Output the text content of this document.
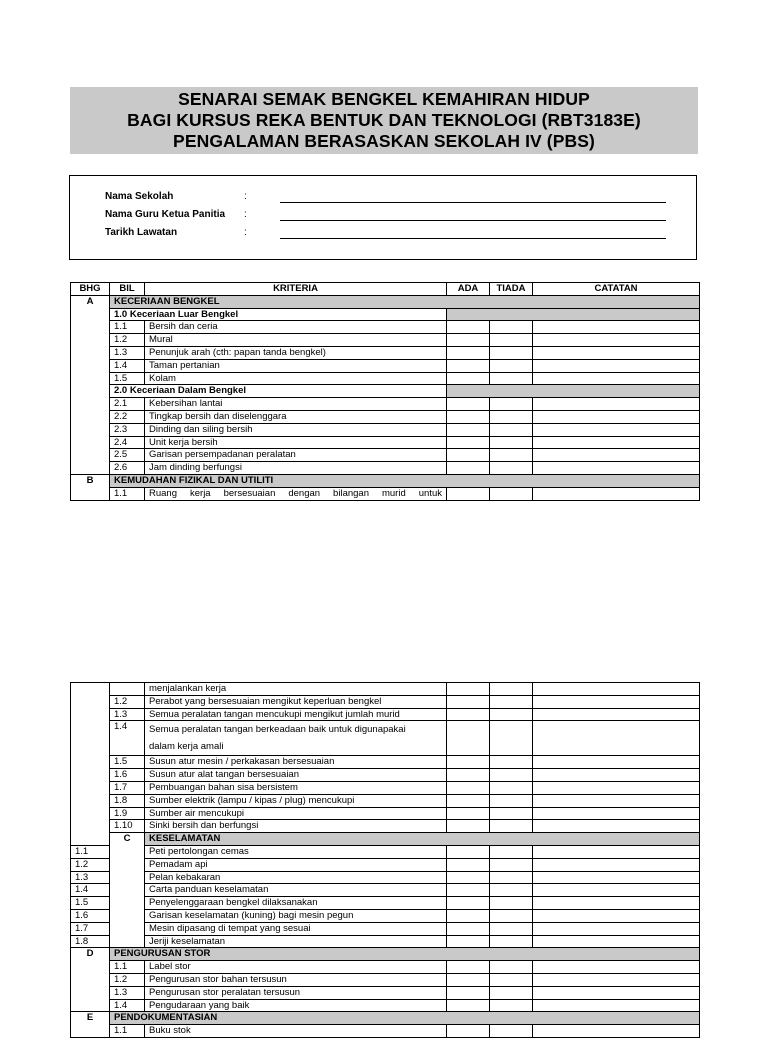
SENARAI SEMAK BENGKEL KEMAHIRAN HIDUP
BAGI KURSUS REKA BENTUK DAN TEKNOLOGI (RBT3183E)
PENGALAMAN BERASASKAN SEKOLAH IV (PBS)
Nama Sekolah	:
Nama Guru Ketua Panitia :
Tarikh Lawatan	:
BHG	BIL	KRITERIA	ADA	TIADA	CATATAN
A	KECERIAAN BENGKEL				
	1.0 Keceriaan Luar Bengkel				
	1.1	Bersih dan ceria			
	1.2	Mural			
	1.3	Penunjuk arah (cth: papan tanda bengkel)			
	1.4	Taman pertanian			
	1.5	Kolam			
	2.0 Keceriaan Dalam Bengkel				
	2.1	Kebersihan lantai			
	2.2	Tingkap bersih dan diselenggara			
	2.3	Dinding dan siling bersih			
	2.4	Unit kerja bersih			
	2.5	Garisan persempadanan peralatan			
	2.6	Jam dinding berfungsi			
B	KEMUDAHAN FIZIKAL DAN UTILITI				
	1.1	Ruang kerja bersesuaian dengan bilangan murid untuk			
		menjalankan kerja			
	1.2	Perabot yang bersesuaian mengikut keperluan bengkel			
	1.3	Semua peralatan tangan mencukupi mengikut jumlah murid			
	1.4	Semua peralatan tangan berkeadaan baik untuk digunapakai
dalam kerja amali			

	1.5	Susun atur mesin / perkakasan bersesuaian			
	1.6	Susun atur alat tangan bersesuaian			
	1.7	Pembuangan bahan sisa bersistem			
	1.8	Sumber elektrik (lampu / kipas / plug) mencukupi			
	1.9	Sumber air mencukupi			
	1.10	Sinki bersih dan berfungsi			
	C	KESELAMATAN			
1.1		Peti pertolongan cemas			
1.2		Pemadam api			
1.3		Pelan kebakaran			
1.4		Carta panduan keselamatan			
1.5		Penyelenggaraan bengkel dilaksanakan			
1.6		Garisan keselamatan (kuning) bagi mesin pegun			
1.7		Mesin dipasang di tempat yang sesuai			
1.8		Jeriji keselamatan			
D	PENGURUSAN STOR				
	1.1	Label stor			
	1.2	Pengurusan stor bahan tersusun			
	1.3	Pengurusan stor peralatan tersusun			
	1.4	Pengudaraan yang baik			
E	PENDOKUMENTASIAN				
	1.1	Buku stok			
